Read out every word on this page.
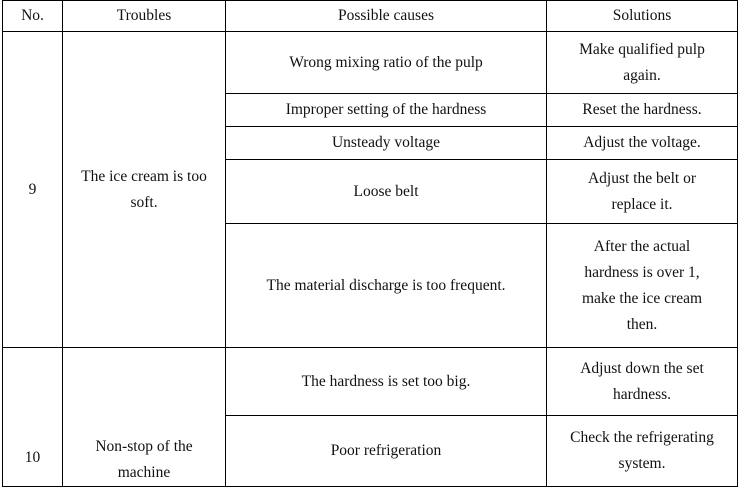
No.	Troubles	Possible causes	Solutions
9	The ice cream is too soft.	Wrong mixing ratio of the pulp	Make qualified pulp again.
		Improper setting of the hardness	Reset the hardness.
		Unsteady voltage	Adjust the voltage.
		Loose belt	Adjust the belt or replace it.
		The material discharge is too frequent.	After the actual hardness is over 1, make the ice cream then.
10	Non-stop of the machine	The hardness is set too big.	Adjust down the set hardness.
		Poor refrigeration	Check the refrigerating system.
